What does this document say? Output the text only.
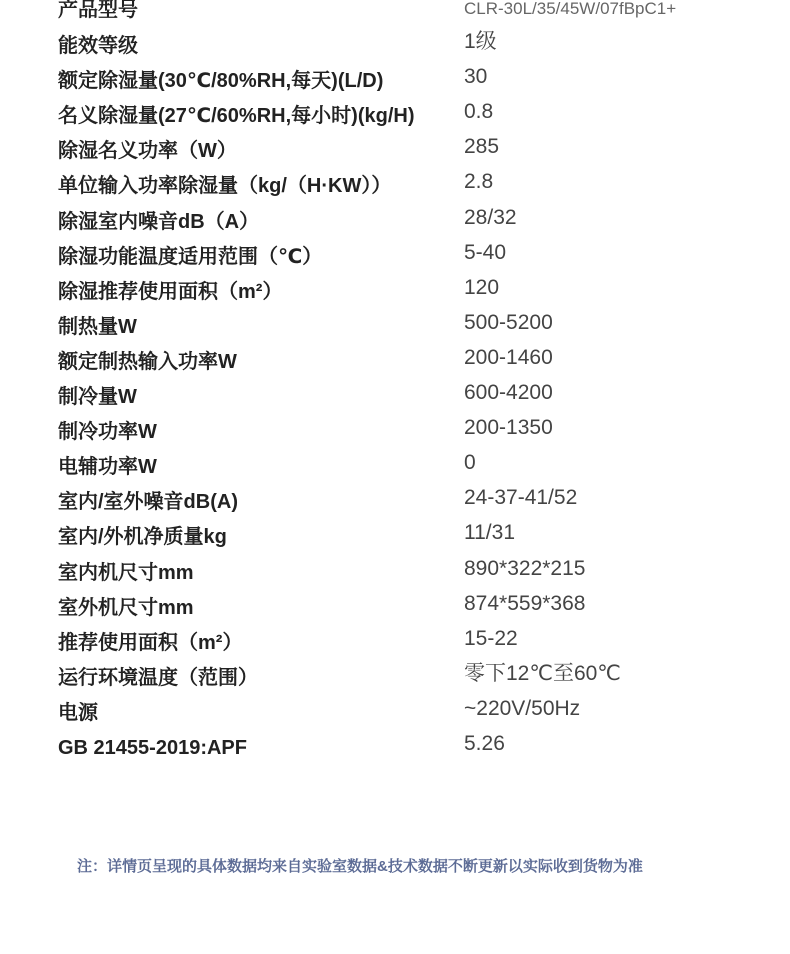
产品型号	CLR-30L/35/45W/07fBpC1+
能效等级	1级
额定除湿量(30℃/80%RH,每天)(L/D)	30
名义除湿量(27℃/60%RH,每小时)(kg/H) 0.8
除湿名义功率（W）	285
单位输入功率除湿量（kg/（H·KW））	2.8
除湿室内噪音dB（A）	28/32
除湿功能温度适用范围（℃）	5-40
除湿推荐使用面积（m²）	120
制热量W	500-5200
额定制热输入功率W	200-1460
制冷量W	600-4200
制冷功率W	200-1350
电辅功率W	0
室内/室外噪音dB(A)	24-37-41/52
室内/外机净质量kg	11/31
室内机尺寸mm	890*322*215
室外机尺寸mm	874*559*368
推荐使用面积（m²）	15-22
运行环境温度（范围）	零下12℃至60℃
电源	~220V/50Hz
GB 21455-2019:APF	5.26
注：详情页呈现的具体数据均来自实验室数据&技术数据不断更新以实际收到货物为准
